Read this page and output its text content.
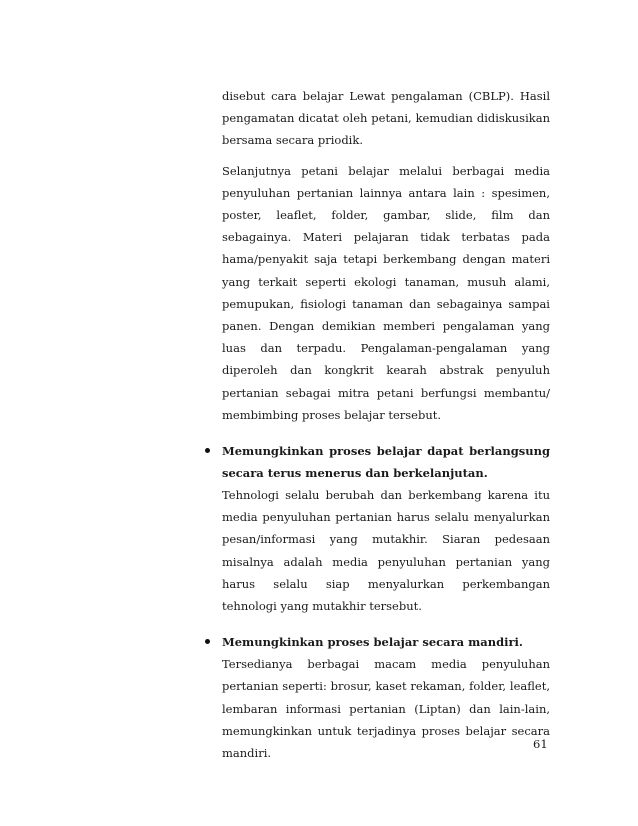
disebut cara belajar Lewat pengalaman (CBLP). Hasil pengamatan dicatat oleh petani, kemudian didiskusikan bersama secara priodik.

Selanjutnya petani belajar melalui berbagai media penyuluhan pertanian lainnya antara lain : spesimen, poster, leaflet, folder, gambar, slide, film dan sebagainya. Materi pelajaran tidak terbatas pada hama/penyakit saja tetapi berkembang dengan materi yang terkait seperti ekologi tanaman, musuh alami, pemupukan, fisiologi tanaman dan sebagainya sampai panen. Dengan demikian memberi pengalaman yang luas dan terpadu. Pengalaman-pengalaman yang diperoleh dan kongkrit kearah abstrak penyuluh pertanian sebagai mitra petani berfungsi membantu/ membimbing proses belajar tersebut.

Memungkinkan proses belajar dapat berlangsung secara terus menerus dan berkelanjutan.

Tehnologi selalu berubah dan berkembang karena itu media penyuluhan pertanian harus selalu menyalurkan pesan/informasi yang mutakhir. Siaran pedesaan misalnya adalah media penyuluhan pertanian yang harus selalu siap menyalurkan perkembangan tehnologi yang mutakhir tersebut.

Memungkinkan proses belajar secara mandiri.

Tersedianya berbagai macam media penyuluhan pertanian seperti: brosur, kaset rekaman, folder, leaflet, lembaran informasi pertanian (Liptan) dan lain-lain, memungkinkan untuk terjadinya proses belajar secara mandiri.

61
